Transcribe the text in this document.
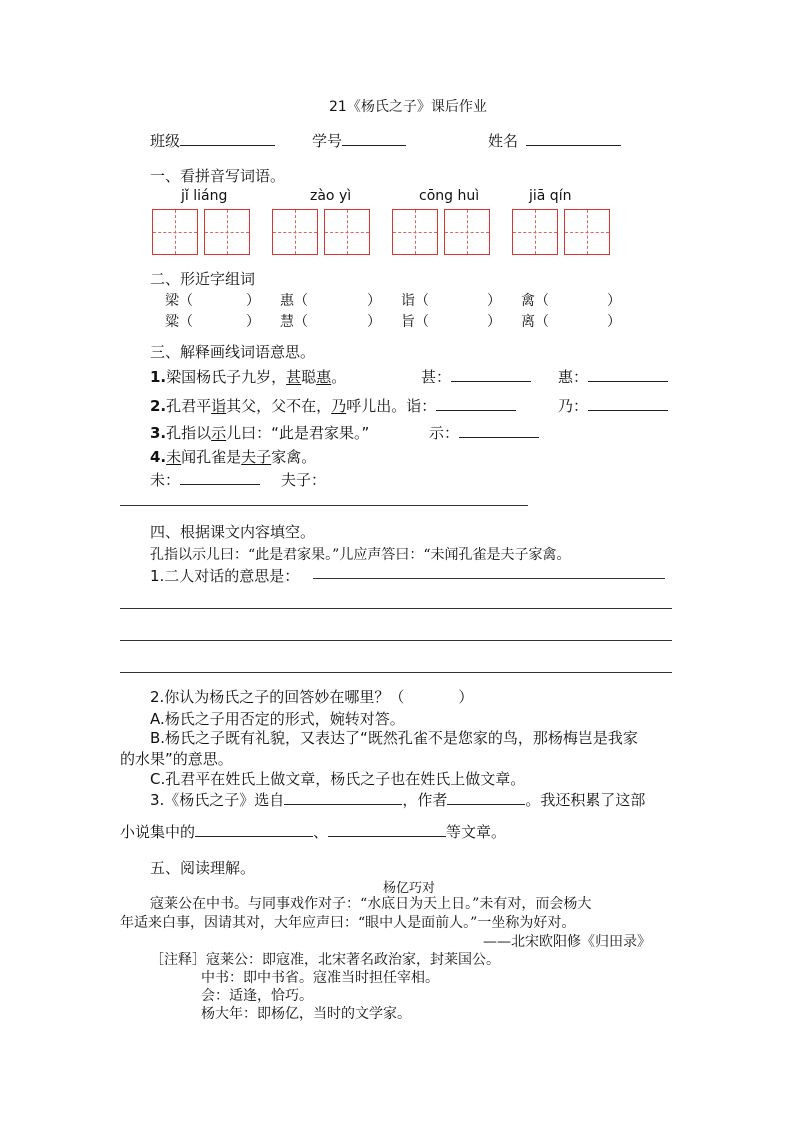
21《杨氏之子》课后作业
班级	学号	姓名
一、看拼音写词语。
jǐ liáng	zào yì	cōng huì	jiā qín
二、形近字组词
梁（	） 惠（	） 诣（	） 禽（	）
粱（	） 慧（	） 旨（	） 离（	）
三、解释画线词语意思。
1.梁国杨氏子九岁，甚聪惠。	甚：	惠：
2.孔君平诣其父，父不在，乃呼儿出。诣：	乃：
3.孔指以示儿曰：“此是君家果。”	示：
4.未闻孔雀是夫子家禽。
未：	夫子：
四、根据课文内容填空。
孔指以示儿曰：“此是君家果。”儿应声答曰：“未闻孔雀是夫子家禽。
1.二人对话的意思是：
2.你认为杨氏之子的回答妙在哪里？（	）
A.杨氏之子用否定的形式，婉转对答。
B.杨氏之子既有礼貌，又表达了“既然孔雀不是您家的鸟，那杨梅岂是我家
的水果”的意思。
C.孔君平在姓氏上做文章，杨氏之子也在姓氏上做文章。
3.《杨氏之子》选自	，作者	。我还积累了这部
小说集中的	、	等文章。
五、阅读理解。
杨亿巧对
寇莱公在中书。与同事戏作对子：“水底日为天上日。”未有对，而会杨大
年适来白事，因请其对，大年应声曰：“眼中人是面前人。”一坐称为好对。
——北宋欧阳修《归田录》
［注释］寇莱公：即寇准，北宋著名政治家，封莱国公。
中书：即中书省。寇准当时担任宰相。
会：适逢，恰巧。
杨大年：即杨亿，当时的文学家。
